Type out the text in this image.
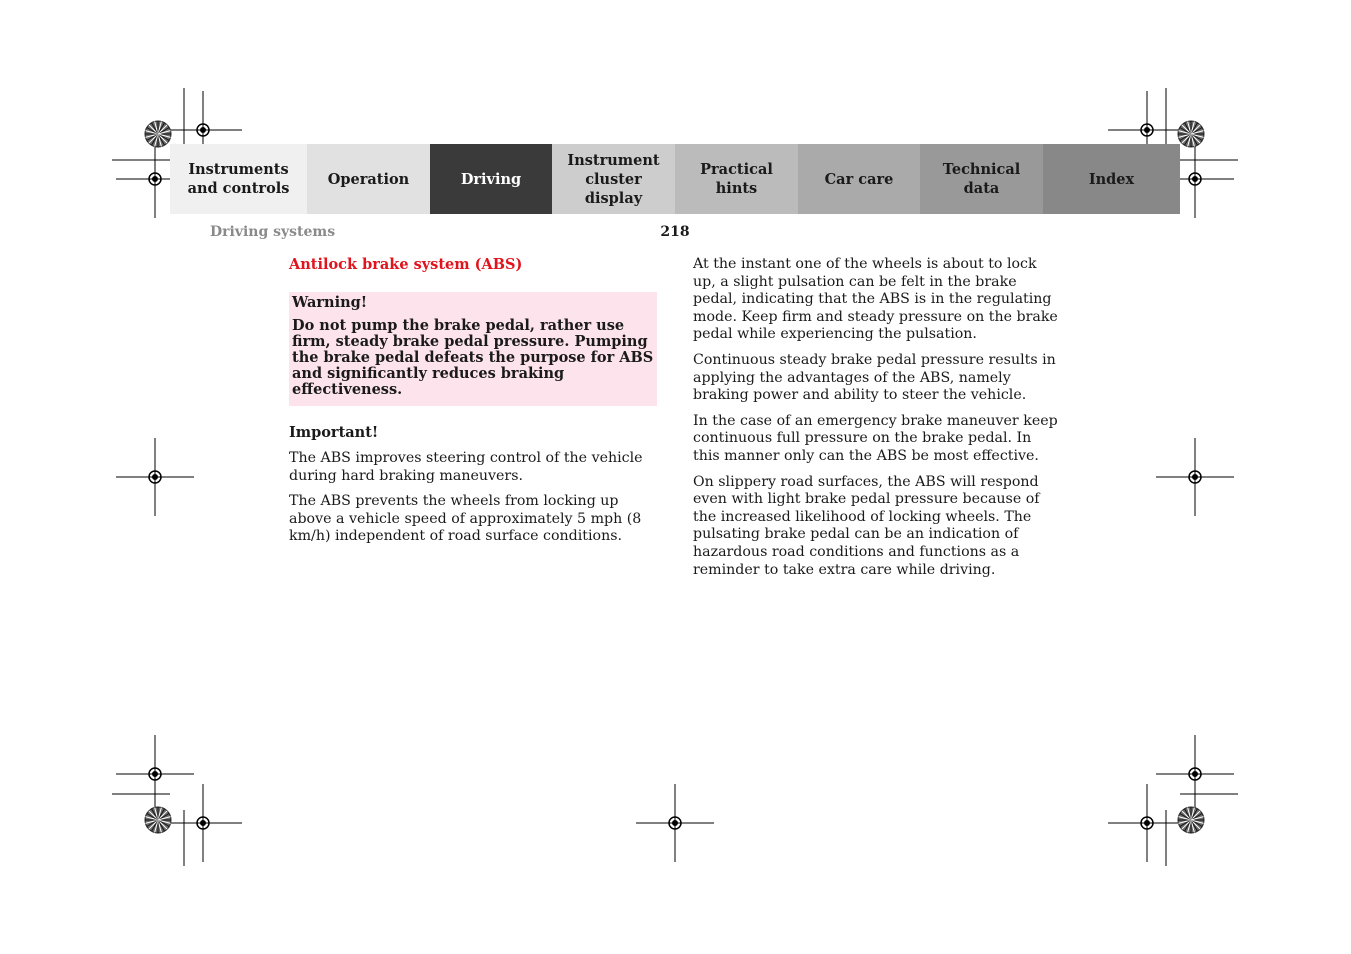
Instruments
and controls
Operation	Driving
Instrument
cluster display
Practical hints
Car care
Technical
data
Index
Driving systems	218
Antilock brake system (ABS)
Warning!

Do not pump the brake pedal, rather use firm, steady brake pedal pressure. Pumping the brake pedal defeats the purpose for ABS and significantly reduces braking effectiveness.

Important!

The ABS improves steering control of the vehicle during hard braking maneuvers.

The ABS prevents the wheels from locking up above a vehicle speed of approximately 5 mph (8 km/h) independent of road surface conditions.

At the instant one of the wheels is about to lock up, a slight pulsation can be felt in the brake pedal, indicating that the ABS is in the regulating mode. Keep firm and steady pressure on the brake pedal while experiencing the pulsation.

Continuous steady brake pedal pressure results in applying the advantages of the ABS, namely braking power and ability to steer the vehicle.

In the case of an emergency brake maneuver keep continuous full pressure on the brake pedal. In this manner only can the ABS be most effective.

On slippery road surfaces, the ABS will respond even with light brake pedal pressure because of the increased likelihood of locking wheels. The pulsating brake pedal can be an indication of hazardous road conditions and functions as a reminder to take extra care while driving.
